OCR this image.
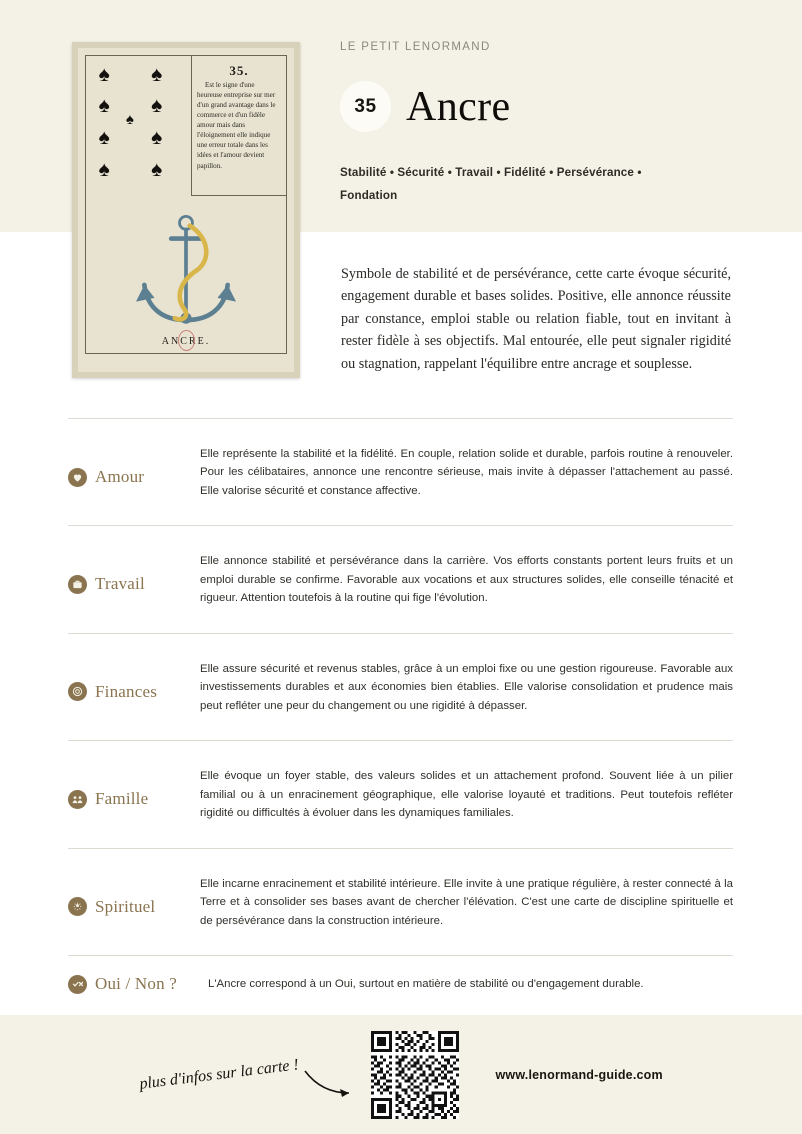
♠ ♠
♠ ♠
♠
♠ ♠
♠ ♠
35.
Est le signe d'une heureuse entreprise sur mer d'un grand avantage dans le commerce et d'un fidèle amour mais dans l'éloignement elle indique une erreur totale dans les idées et l'amour devient papillon.
ANCRE.
LE PETIT LENORMAND
35 Ancre
Stabilité • Sécurité • Travail • Fidélité • Persévérance • Fondation
Symbole de stabilité et de persévérance, cette carte évoque sécurité, engagement durable et bases solides. Positive, elle annonce réussite par constance, emploi stable ou relation fiable, tout en invitant à rester fidèle à ses objectifs. Mal entourée, elle peut signaler rigidité ou stagnation, rappelant l'équilibre entre ancrage et souplesse.
Amour
Elle représente la stabilité et la fidélité. En couple, relation solide et durable, parfois routine à renouveler. Pour les célibataires, annonce une rencontre sérieuse, mais invite à dépasser l'attachement au passé. Elle valorise sécurité et constance affective.
Travail
Elle annonce stabilité et persévérance dans la carrière. Vos efforts constants portent leurs fruits et un emploi durable se confirme. Favorable aux vocations et aux structures solides, elle conseille ténacité et rigueur. Attention toutefois à la routine qui fige l'évolution.
Finances
Elle assure sécurité et revenus stables, grâce à un emploi fixe ou une gestion rigoureuse. Favorable aux investissements durables et aux économies bien établies. Elle valorise consolidation et prudence mais peut refléter une peur du changement ou une rigidité à dépasser.
Famille
Elle évoque un foyer stable, des valeurs solides et un attachement profond. Souvent liée à un pilier familial ou à un enracinement géographique, elle valorise loyauté et traditions. Peut toutefois refléter rigidité ou difficultés à évoluer dans les dynamiques familiales.
Spirituel
Elle incarne enracinement et stabilité intérieure. Elle invite à une pratique régulière, à rester connecté à la Terre et à consolider ses bases avant de chercher l'élévation. C'est une carte de discipline spirituelle et de persévérance dans la construction intérieure.
Oui / Non ?	L'Ancre correspond à un Oui, surtout en matière de stabilité ou d'engagement durable.
plus d'infos sur la carte !	www.lenormand-guide.com
